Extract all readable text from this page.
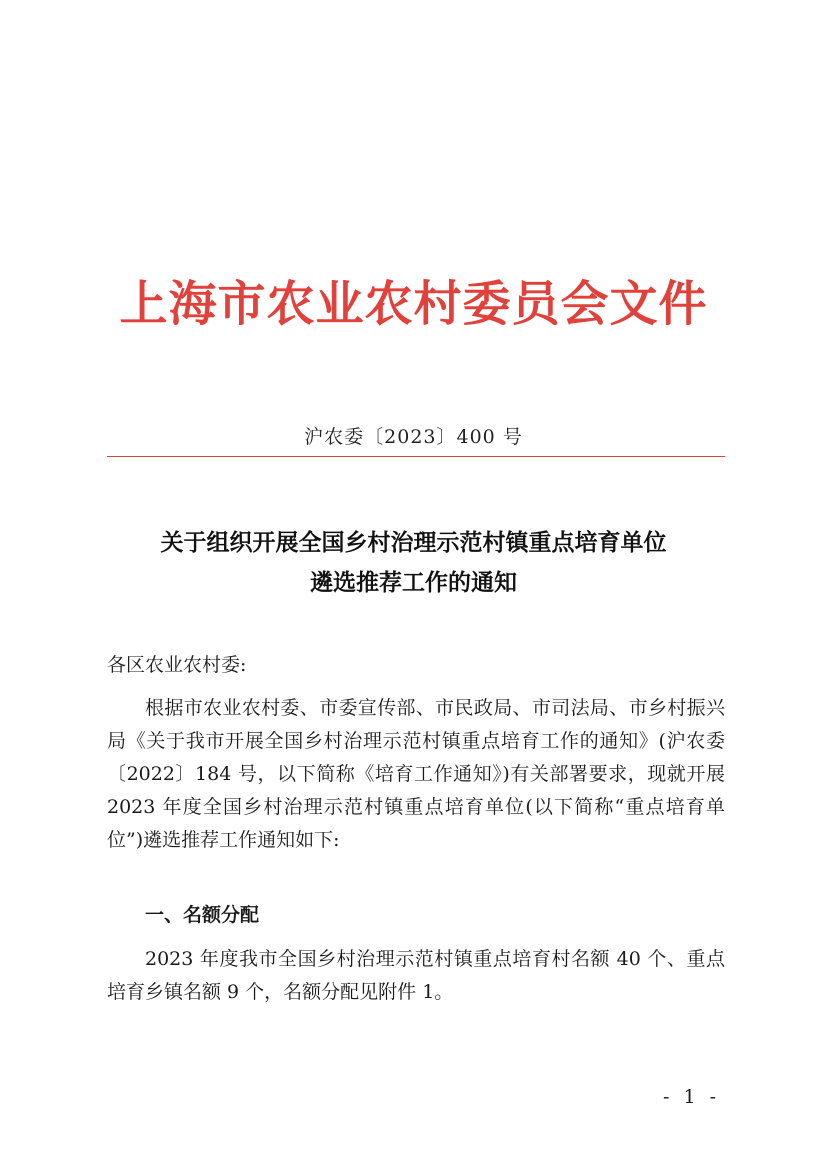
上海市农业农村委员会文件
沪农委〔2023〕400 号
关于组织开展全国乡村治理示范村镇重点培育单位
遴选推荐工作的通知
各区农业农村委:
根据市农业农村委、市委宣传部、市民政局、市司法局、市乡村振兴局《关于我市开展全国乡村治理示范村镇重点培育工作的通知》(沪农委〔2022〕184 号，以下简称《培育工作通知》)有关部署要求，现就开展 2023 年度全国乡村治理示范村镇重点培育单位(以下简称“重点培育单位”)遴选推荐工作通知如下:
一、名额分配
2023 年度我市全国乡村治理示范村镇重点培育村名额 40 个、重点培育乡镇名额 9 个，名额分配见附件 1。
- 1 -
